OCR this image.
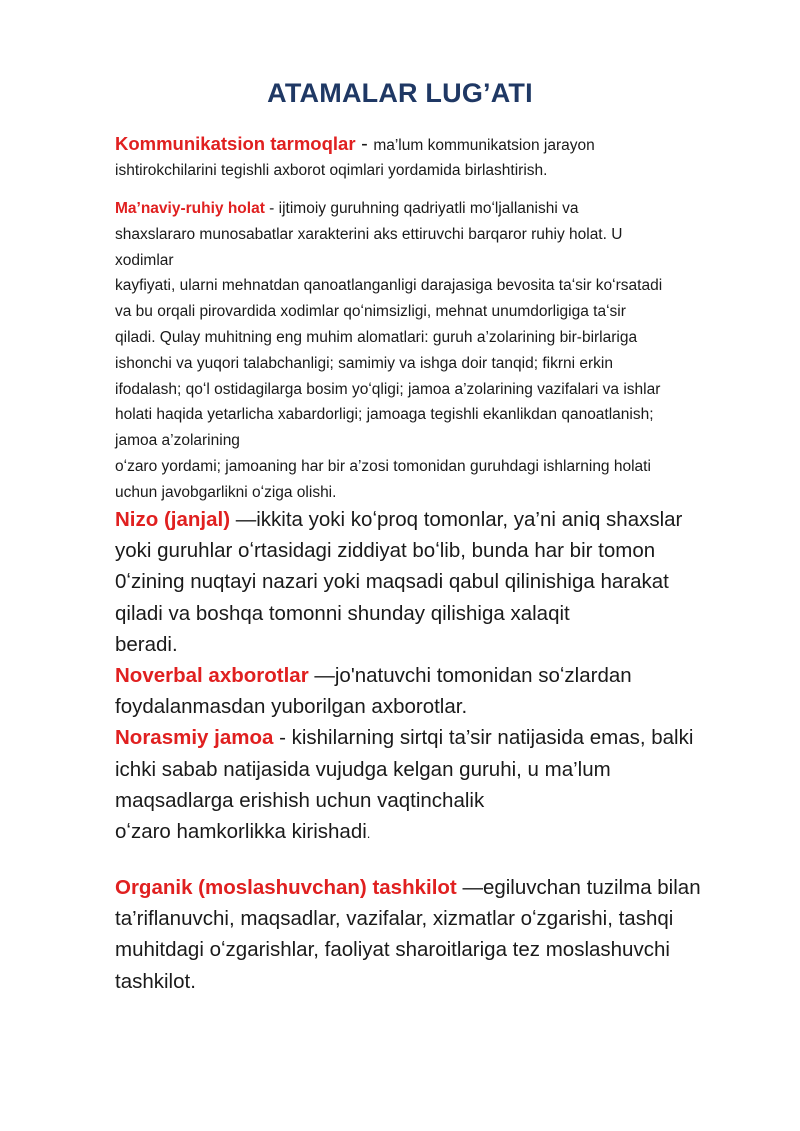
ATAMALAR LUG’ATI
Kommunikatsion tarmoqlar - ma’lum kommunikatsion jarayon
ishtirokchilarini tegishli axborot oqimlari yordamida birlashtirish.
Ma’naviy-ruhiy holat - ijtimoiy guruhning qadriyatli moʻljallanishi va
shaxslararo munosabatlar xarakterini aks ettiruvchi barqaror ruhiy holat. U
xodimlar
kayfiyati, ularni mehnatdan qanoatlanganligi darajasiga bevosita taʻsir koʻrsatadi
va bu orqali pirovardida xodimlar qoʻnimsizligi, mehnat unumdorligiga taʻsir
qiladi. Qulay muhitning eng muhim alomatlari: guruh a’zolarining bir-birlariga
ishonchi va yuqori talabchanligi; samimiy va ishga doir tanqid; fikrni erkin
ifodalash; qoʻl ostidagilarga bosim yoʻqligi; jamoa a’zolarining vazifalari va ishlar
holati haqida yetarlicha xabardorligi; jamoaga tegishli ekanlikdan qanoatlanish;
jamoa a’zolarining
oʻzaro yordami; jamoaning har bir a’zosi tomonidan guruhdagi ishlarning holati
uchun javobgarlikni oʻziga olishi.
Nizo (janjal) —ikkita yoki koʻproq tomonlar, ya’ni aniq shaxslar
yoki guruhlar oʻrtasidagi ziddiyat boʻlib, bunda har bir tomon
0ʻzining nuqtayi nazari yoki maqsadi qabul qilinishiga harakat
qiladi va boshqa tomonni shunday qilishiga xalaqit
beradi.
Noverbal axborotlar —jo'natuvchi tomonidan soʻzlardan
foydalanmasdan yuborilgan axborotlar.
Norasmiy jamoa - kishilarning sirtqi ta’sir natijasida emas, balki
ichki sabab natijasida vujudga kelgan guruhi, u ma’lum
maqsadlarga erishish uchun vaqtinchalik
oʻzaro hamkorlikka kirishadi.
Organik (moslashuvchan) tashkilot —egiluvchan tuzilma bilan
ta’riflanuvchi, maqsadlar, vazifalar, xizmatlar oʻzgarishi, tashqi
muhitdagi oʻzgarishlar, faoliyat sharoitlariga tez moslashuvchi
tashkilot.
